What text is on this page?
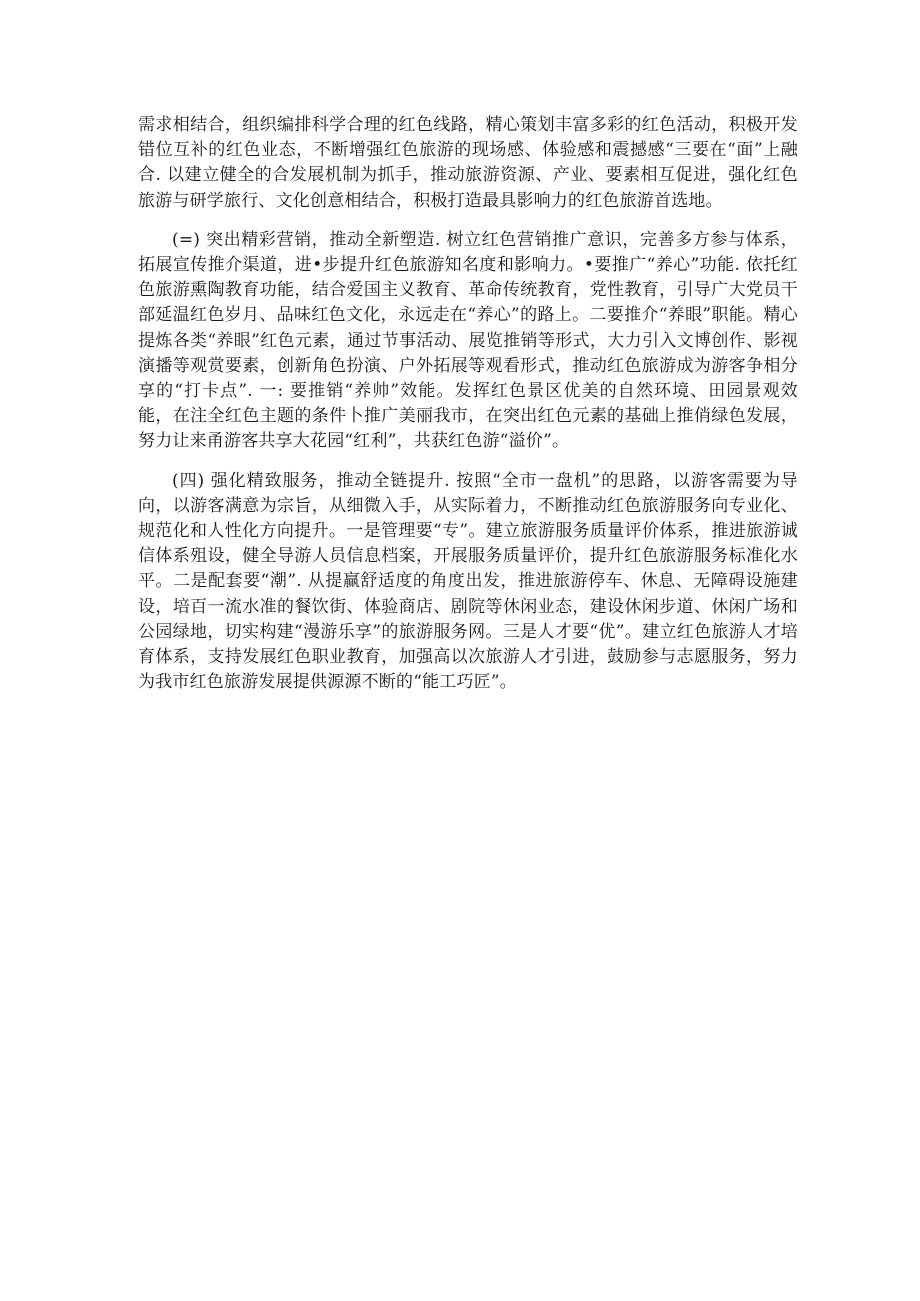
需求相结合，组织编排科学合理的红色线路，精心策划丰富多彩的红色活动，积极开发错位互补的红色业态，不断增强红色旅游的现场感、体验感和震撼感“三要在“面”上融合. 以建立健全的合发展机制为抓手，推动旅游资源、产业、要素相互促进，强化红色旅游与研学旅行、文化创意相结合，积极打造最具影响力的红色旅游首选地。

(=) 突出精彩营销，推动全新塑造. 树立红色营销推广意识，完善多方参与体系，拓展宣传推介渠道，进•步提升红色旅游知名度和影响力。•要推广“养心”功能. 依托红色旅游熏陶教育功能，结合爱国主义教育、革命传统教育，党性教育，引导广大党员干部延温红色岁月、品味红色文化，永远走在“养心”的路上。二要推介“养眼”职能。精心提炼各类“养眼”红色元素，通过节事活动、展览推销等形式，大力引入文博创作、影视演播等观赏要素，创新角色扮演、户外拓展等观看形式，推动红色旅游成为游客争相分享的“打卡点”. 一: 要推销“养帅”效能。发挥红色景区优美的自然环境、田园景观效能，在注全红色主题的条件卜推广美丽我市，在突出红色元素的基础上推俏绿色发展，努力让来甬游客共享大花园“红利”，共获红色游“溢价”。

(四) 强化精致服务，推动全链提升. 按照“全市一盘机”的思路，以游客需要为导向，以游客满意为宗旨，从细微入手，从实际着力，不断推动红色旅游服务向专业化、规范化和人性化方向提升。一是管理要“专”。建立旅游服务质量评价体系，推进旅游诚信体系殂设，健全导游人员信息档案，开展服务质量评价，提升红色旅游服务标准化水平。二是配套要“潮”. 从提赢舒适度的角度出发，推进旅游停车、休息、无障碍设施建设，培百一流水准的餐饮街、体验商店、剧院等休闲业态，建设休闲步道、休闲广场和公园绿地，切实构建“漫游乐享”的旅游服务网。三是人才要“优”。建立红色旅游人才培育体系，支持发展红色职业教育，加强高以次旅游人才引进，鼓励参与志愿服务，努力为我市红色旅游发展提供源源不断的“能工巧匠”。
